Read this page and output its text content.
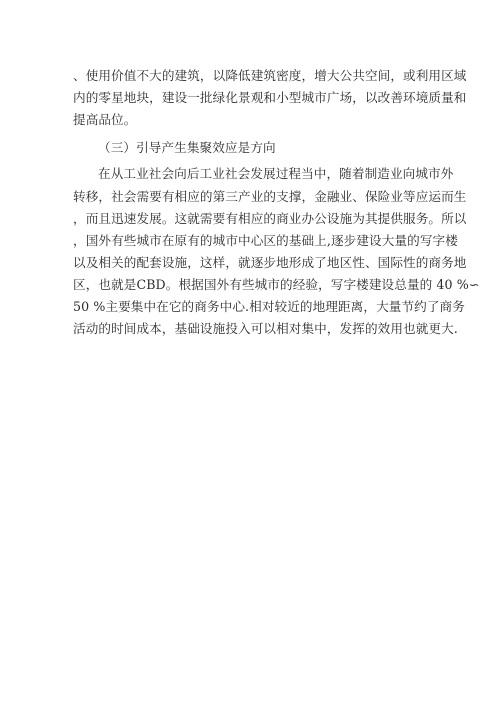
、使用价值不大的建筑，以降低建筑密度，增大公共空间，或利用区域
内的零星地块，建设一批绿化景观和小型城市广场，以改善环境质量和
提高品位。
（三）引导产生集聚效应是方向
在从工业社会向后工业社会发展过程当中，随着制造业向城市外
转移，社会需要有相应的第三产业的支撑，金融业、保险业等应运而生
，而且迅速发展。这就需要有相应的商业办公设施为其提供服务。所以
，国外有些城市在原有的城市中心区的基础上,逐步建设大量的写字楼
以及相关的配套设施，这样，就逐步地形成了地区性、国际性的商务地
区，也就是CBD。根据国外有些城市的经验，写字楼建设总量的 40 %∽
50 %主要集中在它的商务中心.相对较近的地理距离，大量节约了商务
活动的时间成本，基础设施投入可以相对集中，发挥的效用也就更大.
